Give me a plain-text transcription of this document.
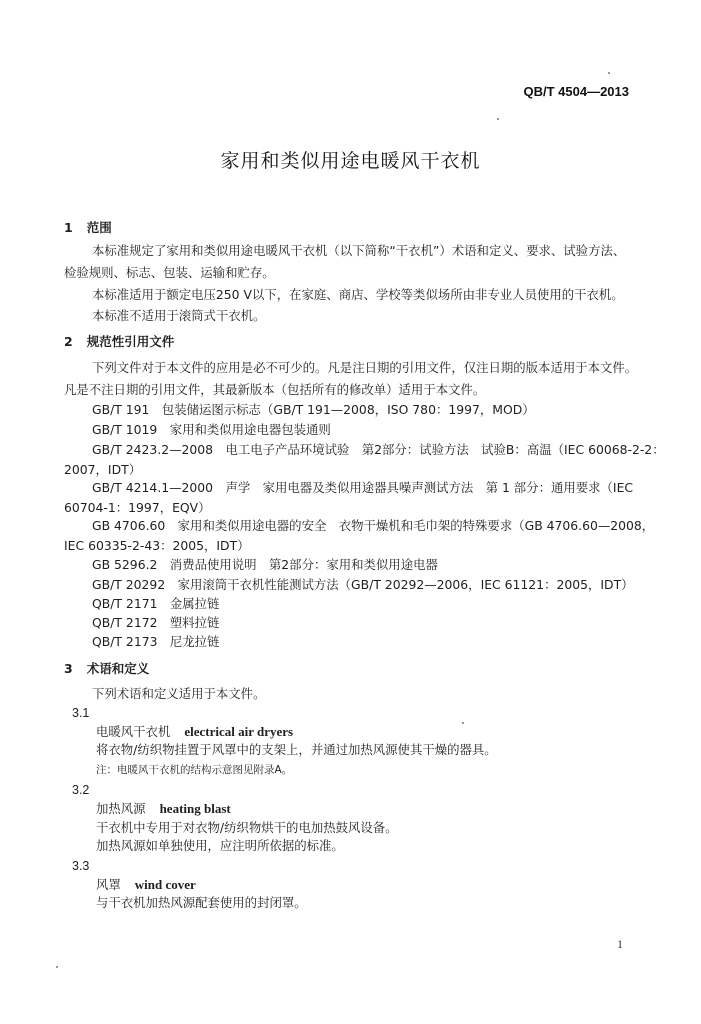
QB/T 4504—2013
家用和类似用途电暖风干衣机
1 范围
本标准规定了家用和类似用途电暖风干衣机（以下简称“干衣机”）术语和定义、要求、试验方法、
检验规则、标志、包装、运输和贮存。
本标准适用于额定电压250 V以下，在家庭、商店、学校等类似场所由非专业人员使用的干衣机。
本标准不适用于滚筒式干衣机。
2 规范性引用文件
下列文件对于本文件的应用是必不可少的。凡是注日期的引用文件，仅注日期的版本适用于本文件。
凡是不注日期的引用文件，其最新版本（包括所有的修改单）适用于本文件。
GB/T 191　包装储运图示标志（GB/T 191—2008，ISO 780：1997，MOD）
GB/T 1019　家用和类似用途电器包装通则
GB/T 2423.2—2008　电工电子产品环境试验　第2部分：试验方法　试验B：高温（IEC 60068-2-2：
2007，IDT）
GB/T 4214.1—2000　声学　家用电器及类似用途器具噪声测试方法　第 1 部分：通用要求（IEC
60704-1：1997，EQV）
GB 4706.60　家用和类似用途电器的安全　衣物干燥机和毛巾架的特殊要求（GB 4706.60—2008，
IEC 60335-2-43：2005，IDT）
GB 5296.2　消费品使用说明　第2部分：家用和类似用途电器
GB/T 20292　家用滚筒干衣机性能测试方法（GB/T 20292—2006，IEC 61121：2005，IDT）
QB/T 2171　金属拉链
QB/T 2172　塑料拉链
QB/T 2173　尼龙拉链
3 术语和定义
下列术语和定义适用于本文件。
3.1
电暖风干衣机 electrical air dryers
将衣物/纺织物挂置于风罩中的支架上，并通过加热风源使其干燥的器具。
注：电暖风干衣机的结构示意图见附录A。
3.2
加热风源 heating blast
干衣机中专用于对衣物/纺织物烘干的电加热鼓风设备。
加热风源如单独使用，应注明所依据的标准。
3.3
风罩 wind cover
与干衣机加热风源配套使用的封闭罩。
1
